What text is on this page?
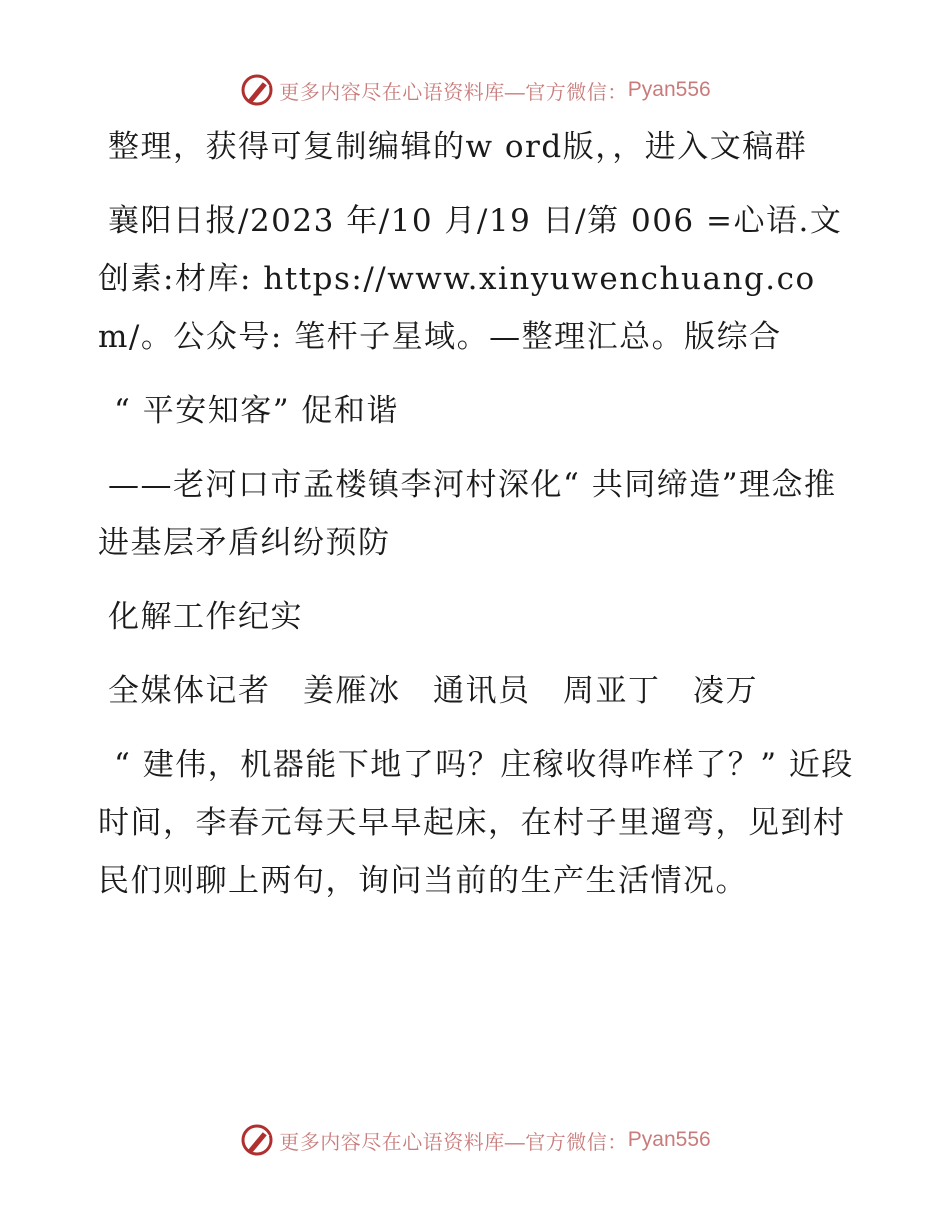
更多内容尽在心语资料库—官方微信： Pyan556

整理，获得可复制编辑的w ord版，，进入文稿群

襄阳日报/2023 年/10 月/19 日/第 006 =心语.文创素:材库: https://www.xinyuwenchuang.com/。公众号: 笔杆子星域。—整理汇总。版综合

“ 平安知客” 促和谐

——老河口市孟楼镇李河村深化“ 共同缔造”理念推进基层矛盾纠纷预防

化解工作纪实

全媒体记者　姜雁冰　通讯员　周亚丁　凌万

“ 建伟，机器能下地了吗？庄稼收得咋样了？” 近段时间，李春元每天早早起床，在村子里遛弯，见到村民们则聊上两句，询问当前的生产生活情况。

更多内容尽在心语资料库—官方微信： Pyan556
